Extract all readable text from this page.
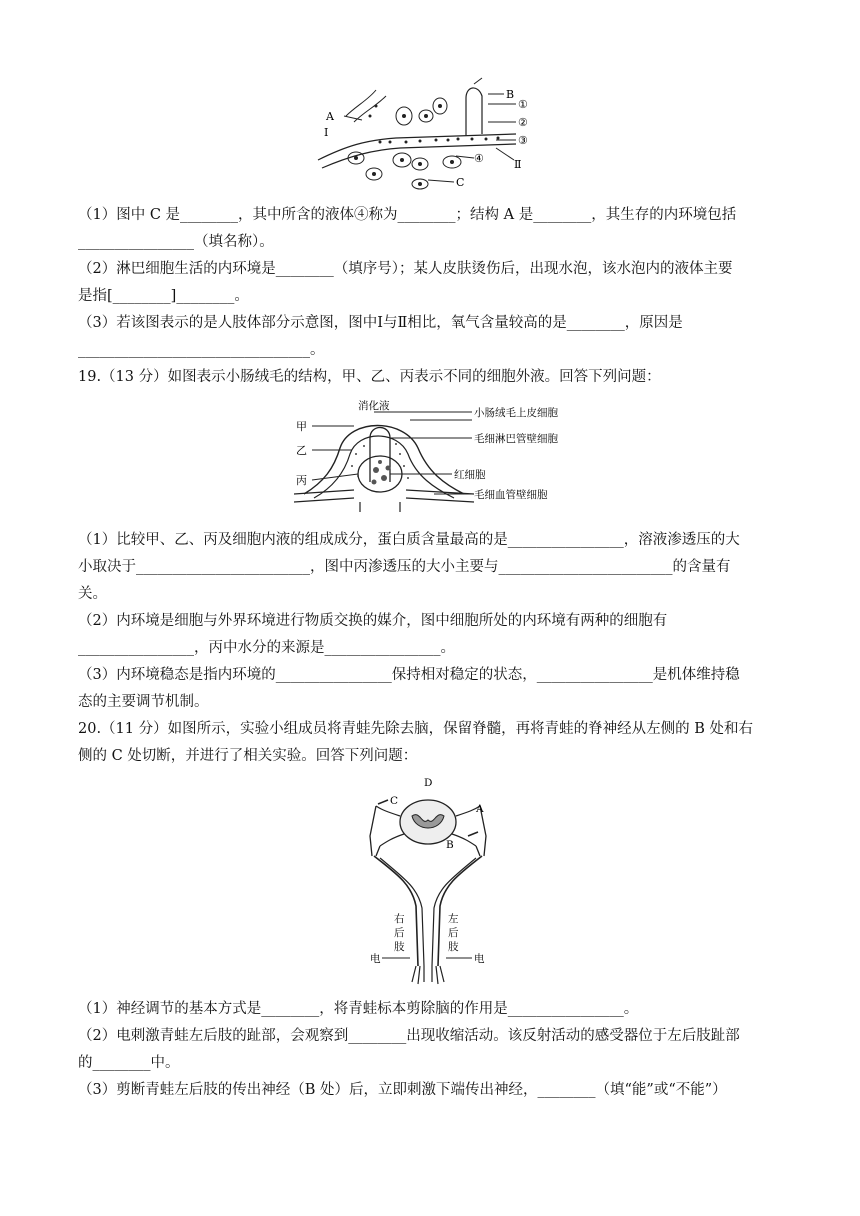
A
I
B
①
②
③
④	Ⅱ
C
（1）图中 C 是________，其中所含的液体④称为________；结构 A 是________，其生存的内环境包括
________________（填名称）。
（2）淋巴细胞生活的内环境是________（填序号）；某人皮肤烫伤后，出现水泡，该水泡内的液体主要
是指[________]________。
（3）若该图表示的是人肢体部分示意图，图中Ⅰ与Ⅱ相比，氧气含量较高的是________，原因是
________________________________。
19.（13 分）如图表示小肠绒毛的结构，甲、乙、丙表示不同的细胞外液。回答下列问题：
消化液
甲
乙
丙
小肠绒毛上皮细胞
毛细淋巴管壁细胞
红细胞
毛细血管壁细胞
（1）比较甲、乙、丙及细胞内液的组成成分，蛋白质含量最高的是________________，溶液渗透压的大
小取决于________________________，图中丙渗透压的大小主要与________________________的含量有
关。
（2）内环境是细胞与外界环境进行物质交换的媒介，图中细胞所处的内环境有两种的细胞有
________________，丙中水分的来源是________________。
（3）内环境稳态是指内环境的________________保持相对稳定的状态，________________是机体维持稳
态的主要调节机制。
20.（11 分）如图所示，实验小组成员将青蛙先除去脑，保留脊髓，再将青蛙的脊神经从左侧的 B 处和右
侧的 C 处切断，并进行了相关实验。回答下列问题：
D
C
A
B
右
后
肢
左
后
肢
电	电
（1）神经调节的基本方式是________，将青蛙标本剪除脑的作用是________________。
（2）电刺激青蛙左后肢的趾部，会观察到________出现收缩活动。该反射活动的感受器位于左后肢趾部
的________中。
（3）剪断青蛙左后肢的传出神经（B 处）后，立即刺激下端传出神经，________（填“能”或“不能”）
